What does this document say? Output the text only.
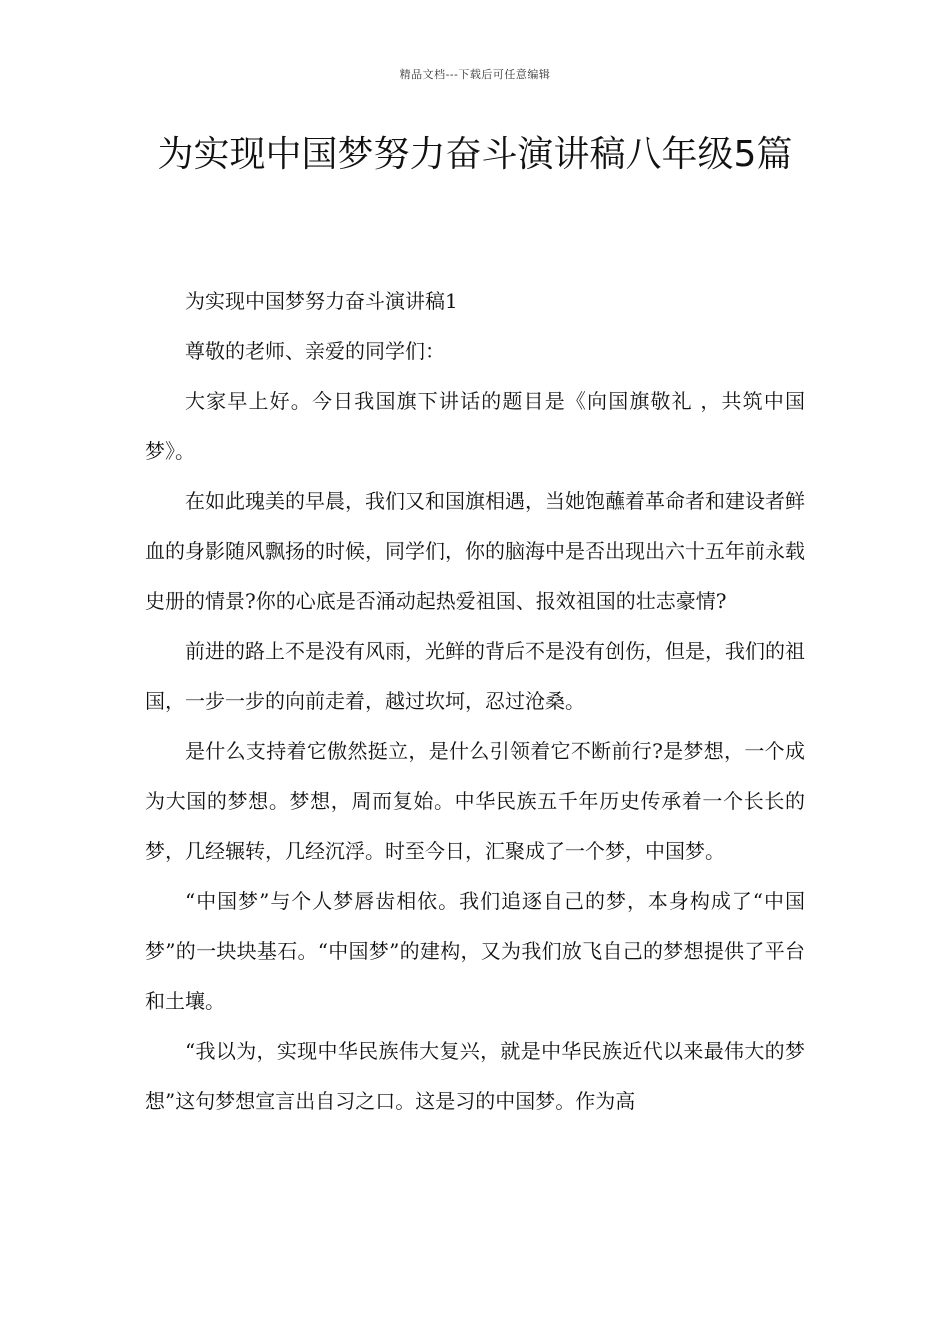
精品文档---下载后可任意编辑
为实现中国梦努力奋斗演讲稿八年级5篇

为实现中国梦努力奋斗演讲稿1

尊敬的老师、亲爱的同学们：

大家早上好。今日我国旗下讲话的题目是《向国旗敬礼 ，共筑中国梦》。

在如此瑰美的早晨，我们又和国旗相遇，当她饱蘸着革命者和建设者鲜血的身影随风飘扬的时候，同学们，你的脑海中是否出现出六十五年前永载史册的情景?你的心底是否涌动起热爱祖国、报效祖国的壮志豪情?

前进的路上不是没有风雨，光鲜的背后不是没有创伤，但是，我们的祖国，一步一步的向前走着，越过坎坷，忍过沧桑。

是什么支持着它傲然挺立，是什么引领着它不断前行?是梦想，一个成为大国的梦想。梦想，周而复始。中华民族五千年历史传承着一个长长的梦，几经辗转，几经沉浮。时至今日，汇聚成了一个梦，中国梦。

“中国梦”与个人梦唇齿相依。我们追逐自己的梦，本身构成了“中国梦”的一块块基石。“中国梦”的建构，又为我们放飞自己的梦想提供了平台和土壤。

“我以为，实现中华民族伟大复兴，就是中华民族近代以来最伟大的梦想”这句梦想宣言出自习之口。这是习的中国梦。作为高
